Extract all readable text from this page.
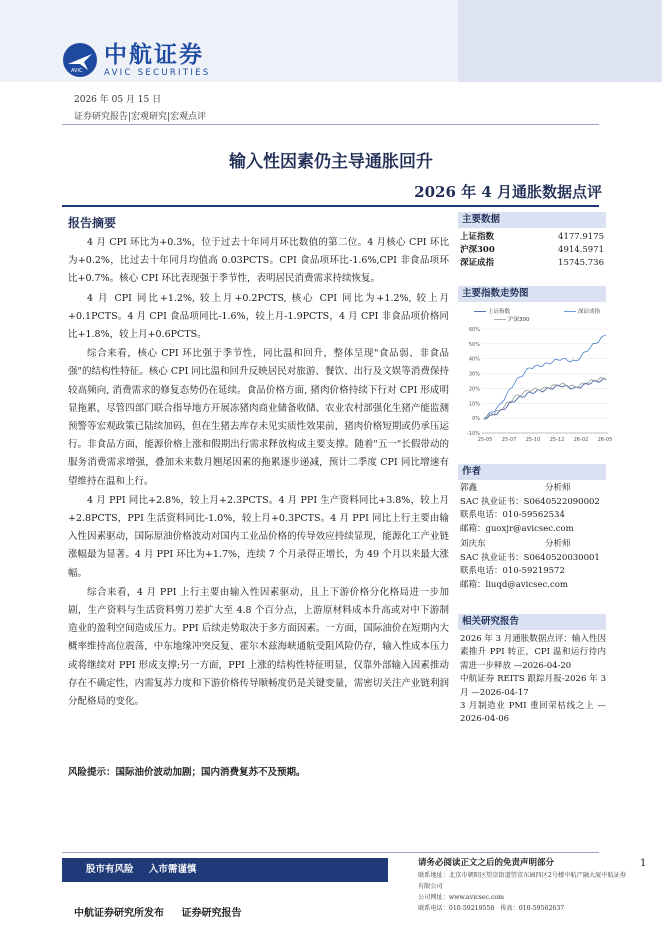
AVIC
中航证券
AVIC SECURITIES
2026 年 05 月 15 日
证券研究报告|宏观研究|宏观点评
输入性因素仍主导通胀回升
2026 年 4 月通胀数据点评
报告摘要

4 月 CPI 环比为+0.3%，位于过去十年同月环比数值的第二位。4 月核心 CPI 环比为+0.2%，比过去十年同月均值高 0.03PCTS。CPI 食品项环比-1.6%,CPI 非食品项环比+0.7%。核心 CPI 环比表现强于季节性，表明居民消费需求持续恢复。

4 月 CPI 同比+1.2%, 较上月+0.2PCTS, 核心 CPI 同比为+1.2%, 较上月+0.1PCTS。4 月 CPI 食品项同比-1.6%，较上月-1.9PCTS，4 月 CPI 非食品项价格同比+1.8%，较上月+0.6PCTS。

综合来看，核心 CPI 环比强于季节性，同比温和回升，整体呈现"食品弱、非食品强"的结构性特征。核心 CPI 同比温和回升反映居民对旅游、餐饮、出行及文娱等消费保持较高频向, 消费需求的修复态势仍在延续。食品价格方面, 猪肉价格持续下行对 CPI 形成明显拖累，尽管四部门联合指导地方开展冻猪肉商业储备收储、农业农村部强化生猪产能监测预警等宏观政策已陆续加码，但在生猪去库存未见实质性效果前，猪肉价格短期或仍承压运行。非食品方面，能源价格上涨和假期出行需求释放构成主要支撑。随着"五一"长假带动的服务消费需求增强，叠加未来数月翘尾因素的拖累逐步递减，预计二季度 CPI 同比增速有望维持在温和上行。

4 月 PPI 同比+2.8%，较上月+2.3PCTS。4 月 PPI 生产资料同比+3.8%，较上月+2.8PCTS，PPI 生活资料同比-1.0%，较上月+0.3PCTS。4 月 PPI 同比上行主要由输入性因素驱动，国际原油价格波动对国内工业品价格的传导效应持续显现，能源化工产业链涨幅最为显著。4 月 PPI 环比为+1.7%，连续 7 个月录得正增长，为 49 个月以来最大涨幅。

综合来看，4 月 PPI 上行主要由输入性因素驱动，且上下游价格分化格局进一步加剧，生产资料与生活资料剪刀差扩大至 4.8 个百分点，上游原材料成本升高或对中下游制造业的盈利空间造成压力。PPI 后续走势取决于多方面因素。一方面，国际油价在短期内大概率维持高位震荡，中东地缘冲突反复、霍尔木兹海峡通航受阻风险仍存，输入性成本压力或将继续对 PPI 形成支撑;另一方面，PPI 上涨的结构性特征明显，仅靠外部输入因素推动存在不确定性，内需复苏力度和下游价格传导顺畅度仍是关键变量，需密切关注产业链利润分配格局的变化。

风险提示：国际油价波动加剧；国内消费复苏不及预期。
主要数据
上证指数	4177.9175
沪深300	4914.5971
深证成指	15745.736
主要指数走势图
60%
50%
40%
30%
20%
10%
0%
-10%
25-05 25-07 25-10 25-12 26-02 26-05
上证指数	深证成指
沪深300
作者
郭鑫	分析师
SAC 执业证书：S0640522090002
联系电话：010-59562534
邮箱：guoxjr@avicsec.com
刘庆东	分析师
SAC 执业证书：S0640520030001
联系电话：010-59219572
邮箱：liuqd@avicsec.com
相关研究报告
2026 年 3 月通胀数据点评：输入性因素推升 PPI 转正，CPI 温和运行待内需进一步释放 —2026-04-20
中航证券 REITS 跟踪月报-2026 年 3 月 —2026-04-17
3 月制造业 PMI 重回荣枯线之上 —2026-04-06
股市有风险 入市需谨慎
请务必阅读正文之后的免责声明部分
联系地址：北京市朝阳区望京街道望京东园四区2号楼中航产融大厦中航证券有限公司
公司网址：www.avicsec.com
联系电话：010-59219558 传真：010-59562637
1
中航证券研究所发布 证券研究报告
